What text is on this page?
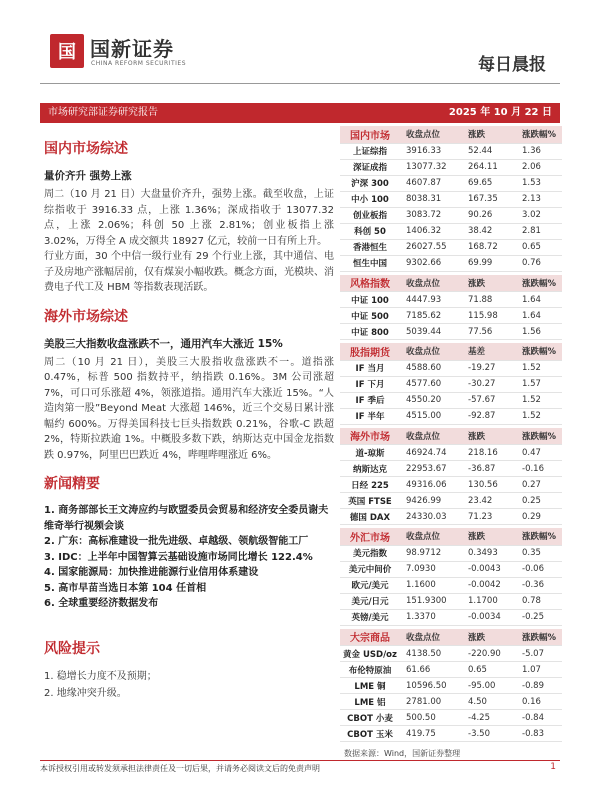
国 国新证券
CHINA REFORM SECURITIES	每日晨报
市场研究部证券研究报告	2025 年 10 月 22 日
国内市场综述
量价齐升 强势上涨

周二（10 月 21 日）大盘量价齐升，强势上涨。截至收盘，上证综指收于 3916.33 点，上涨 1.36%；深成指收于 13077.32 点，上涨 2.06%；科创 50 上涨 2.81%；创业板指上涨 3.02%，万得全 A 成交额共 18927 亿元，较前一日有所上升。

行业方面，30 个中信一级行业有 29 个行业上涨，其中通信、电子及房地产涨幅居前，仅有煤炭小幅收跌。概念方面，光模块、消费电子代工及 HBM 等指数表现活跃。

海外市场综述
美股三大指数收盘涨跌不一，通用汽车大涨近 15%

周二（10 月 21 日），美股三大股指收盘涨跌不一。道指涨 0.47%，标普 500 指数持平，纳指跌 0.16%。3M 公司涨超 7%，可口可乐涨超 4%，领涨道指。通用汽车大涨近 15%。“人造肉第一股”Beyond Meat 大涨超 146%，近三个交易日累计涨幅约 600%。万得美国科技七巨头指数跌 0.21%，谷歌-C 跌超 2%，特斯拉跌逾 1%。中概股多数下跌，纳斯达克中国金龙指数跌 0.97%，阿里巴巴跌近 4%，哔哩哔哩涨近 6%。

新闻精要
1. 商务部部长王文涛应约与欧盟委员会贸易和经济安全委员谢夫维奇举行视频会谈
2. 广东：高标准建设一批先进级、卓越级、领航级智能工厂
3. IDC：上半年中国智算云基础设施市场同比增长 122.4%
4. 国家能源局：加快推进能源行业信用体系建设
5. 高市早苗当选日本第 104 任首相
6. 全球重要经济数据发布
风险提示
1. 稳增长力度不及预期；
2. 地缘冲突升级。
国内市场	收盘点位	涨跌	涨跌幅%
上证综指	3916.33	52.44	1.36
深证成指	13077.32	264.11	2.06
沪深 300	4607.87	69.65	1.53
中小 100	8038.31	167.35	2.13
创业板指	3083.72	90.26	3.02
科创 50	1406.32	38.42	2.81
香港恒生	26027.55	168.72	0.65
恒生中国	9302.66	69.99	0.76
风格指数	收盘点位	涨跌	涨跌幅%
中证 100	4447.93	71.88	1.64
中证 500	7185.62	115.98	1.64
中证 800	5039.44	77.56	1.56
股指期货	收盘点位	基差	涨跌幅%
IF 当月	4588.60	-19.27	1.52
IF 下月	4577.60	-30.27	1.57
IF 季后	4550.20	-57.67	1.52
IF 半年	4515.00	-92.87	1.52
海外市场	收盘点位	涨跌	涨跌幅%
道-琼斯	46924.74	218.16	0.47
纳斯达克	22953.67	-36.87	-0.16
日经 225	49316.06	130.56	0.27
英国 FTSE	9426.99	23.42	0.25
德国 DAX	24330.03	71.23	0.29
外汇市场	收盘点位	涨跌	涨跌幅%
美元指数	98.9712	0.3493	0.35
美元中间价	7.0930	-0.0043	-0.06
欧元/美元	1.1600	-0.0042	-0.36
美元/日元	151.9300	1.1700	0.78
英镑/美元	1.3370	-0.0034	-0.25
大宗商品	收盘点位	涨跌	涨跌幅%
黄金 USD/oz	4138.50	-220.90	-5.07
布伦特原油	61.66	0.65	1.07
LME 铜	10596.50	-95.00	-0.89
LME 铝	2781.00	4.50	0.16
CBOT 小麦	500.50	-4.25	-0.84
CBOT 玉米	419.75	-3.50	-0.83
数据来源：Wind，国新证券整理
本诉授权引用或转发须承担法律责任及一切后果，并请务必阅读文后的免责声明	1
